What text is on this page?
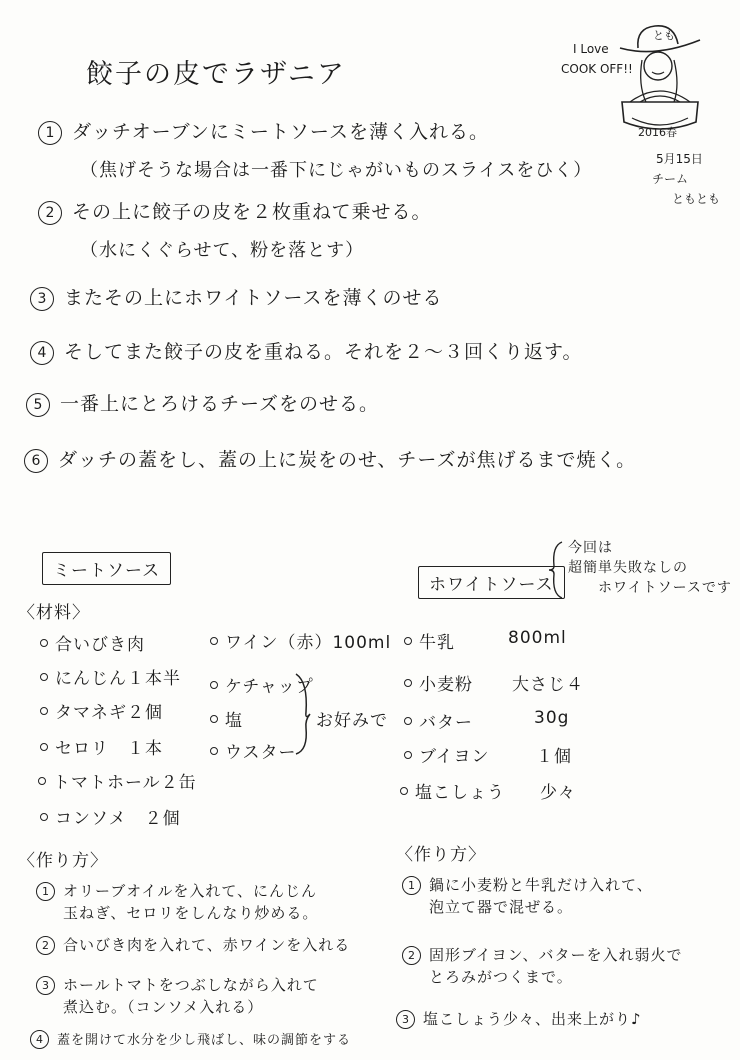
餃子の皮でラザニア
I Love
COOK OFF!!
とも
2016春
5月15日
チーム
ともとも
1 ダッチオーブンにミートソースを薄く入れる。
（焦げそうな場合は一番下にじゃがいものスライスをひく）
2 その上に餃子の皮を２枚重ねて乗せる。
（水にくぐらせて、粉を落とす）
3 またその上にホワイトソースを薄くのせる
4 そしてまた餃子の皮を重ねる。それを２～３回くり返す。
5 一番上にとろけるチーズをのせる。
6 ダッチの蓋をし、蓋の上に炭をのせ、チーズが焦げるまで焼く。
ミートソース
〈材料〉
合いびき肉
にんじん１本半
タマネギ２個
セロリ　１本
トマトホール２缶
コンソメ　２個
ワイン（赤）100ml
ケチャップ
塩
ウスター
お好みで
〈作り方〉
1 オリーブオイルを入れて、にんじん
玉ねぎ、セロリをしんなり炒める。
2 合いびき肉を入れて、赤ワインを入れる
3 ホールトマトをつぶしながら入れて
煮込む。（コンソメ入れる）
4 蓋を開けて水分を少し飛ばし、味の調節をする
ホワイトソース
今回は
超簡単失敗なしの
ホワイトソースです
牛乳	800ml
小麦粉 大さじ４
バター	30g
ブイヨン	１個
塩こしょう 少々
〈作り方〉
1 鍋に小麦粉と牛乳だけ入れて、
泡立て器で混ぜる。
2 固形ブイヨン、バターを入れ弱火で
とろみがつくまで。
3 塩こしょう少々、出来上がり♪
